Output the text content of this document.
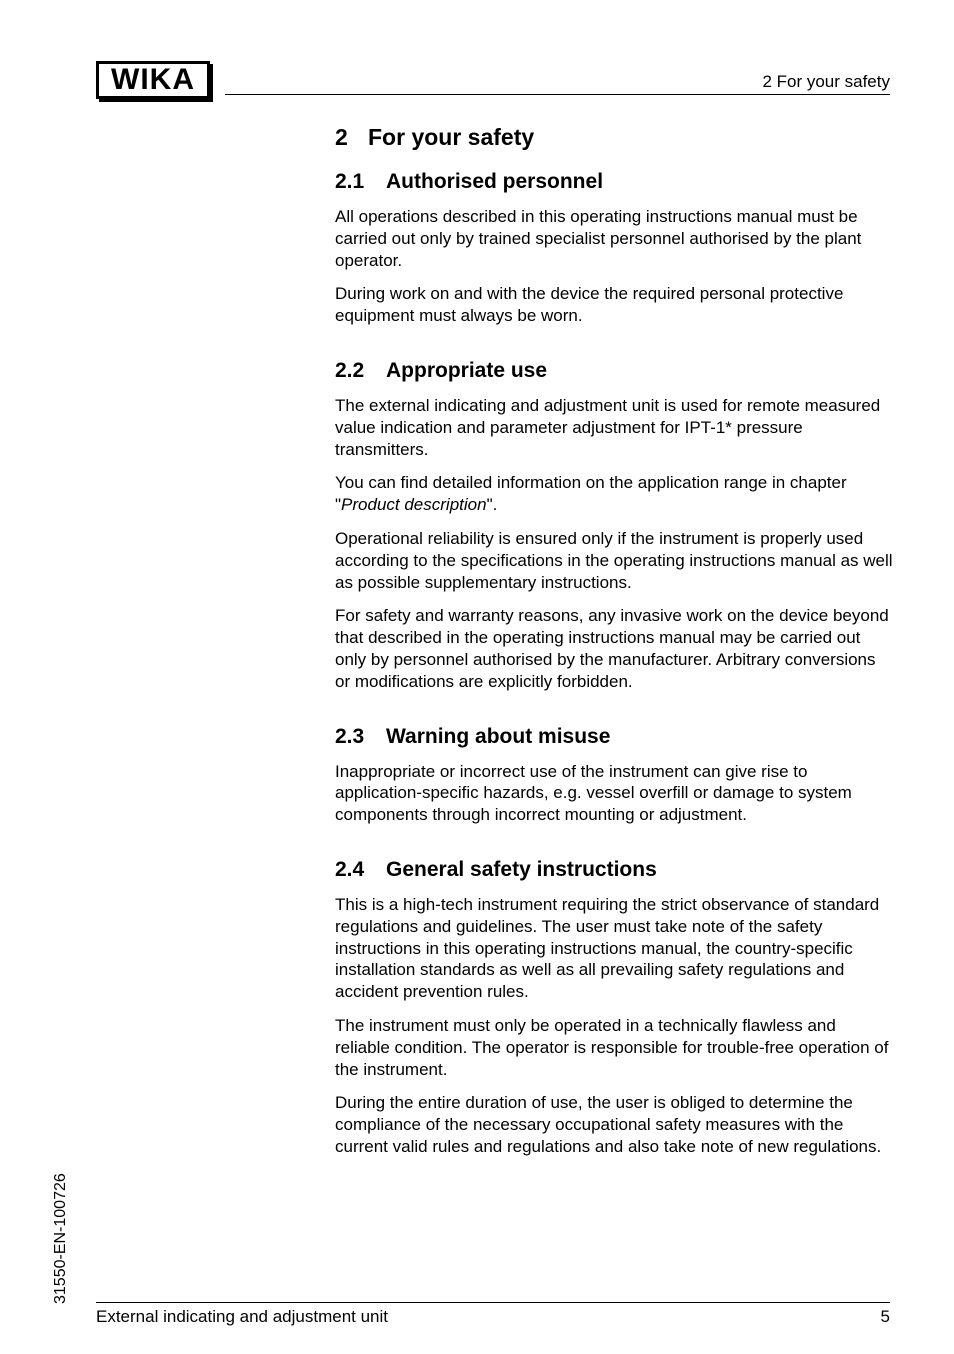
WIKA	2 For your safety
2 For your safety
2.1 Authorised personnel

All operations described in this operating instructions manual must be carried out only by trained specialist personnel authorised by the plant operator.

During work on and with the device the required personal protective equipment must always be worn.

2.2 Appropriate use

The external indicating and adjustment unit is used for remote measured value indication and parameter adjustment for IPT-1* pressure transmitters.

You can find detailed information on the application range in chapter "Product description".

Operational reliability is ensured only if the instrument is properly used according to the specifications in the operating instructions manual as well as possible supplementary instructions.

For safety and warranty reasons, any invasive work on the device beyond that described in the operating instructions manual may be carried out only by personnel authorised by the manufacturer. Arbitrary conversions or modifications are explicitly forbidden.

2.3 Warning about misuse

Inappropriate or incorrect use of the instrument can give rise to application-specific hazards, e.g. vessel overfill or damage to system components through incorrect mounting or adjustment.

2.4 General safety instructions

This is a high-tech instrument requiring the strict observance of standard regulations and guidelines. The user must take note of the safety instructions in this operating instructions manual, the country-specific installation standards as well as all prevailing safety regulations and accident prevention rules.

The instrument must only be operated in a technically flawless and reliable condition. The operator is responsible for trouble-free operation of the instrument.

During the entire duration of use, the user is obliged to determine the compliance of the necessary occupational safety measures with the current valid rules and regulations and also take note of new regulations.

31550-EN-100726
External indicating and adjustment unit	5
